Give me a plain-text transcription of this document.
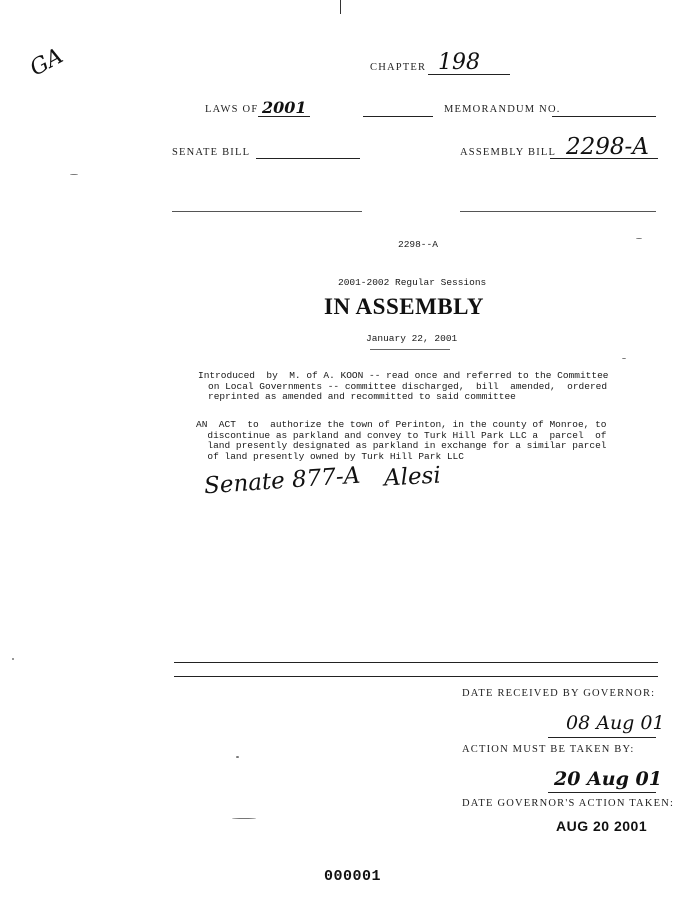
GA	CHAPTER 198
LAWS OF 2001	MEMORANDUM NO.
SENATE BILL	ASSEMBLY BILL 2298-A
2298--A
2001-2002 Regular Sessions
IN ASSEMBLY
January 22, 2001
Introduced  by  M. of A. KOON -- read once and referred to the Committee
on Local Governments -- committee discharged,  bill  amended,  ordered
reprinted as amended and recommitted to said committee
AN  ACT  to  authorize the town of Perinton, in the county of Monroe, to
discontinue as parkland and convey to Turk Hill Park LLC a  parcel  of
land presently designated as parkland in exchange for a similar parcel
of land presently owned by Turk Hill Park LLC
Senate 877-A Alesi
DATE RECEIVED BY GOVERNOR:
08 Aug 01
ACTION MUST BE TAKEN BY:
20 Aug 01
DATE GOVERNOR'S ACTION TAKEN:
AUG 20 2001
000001
